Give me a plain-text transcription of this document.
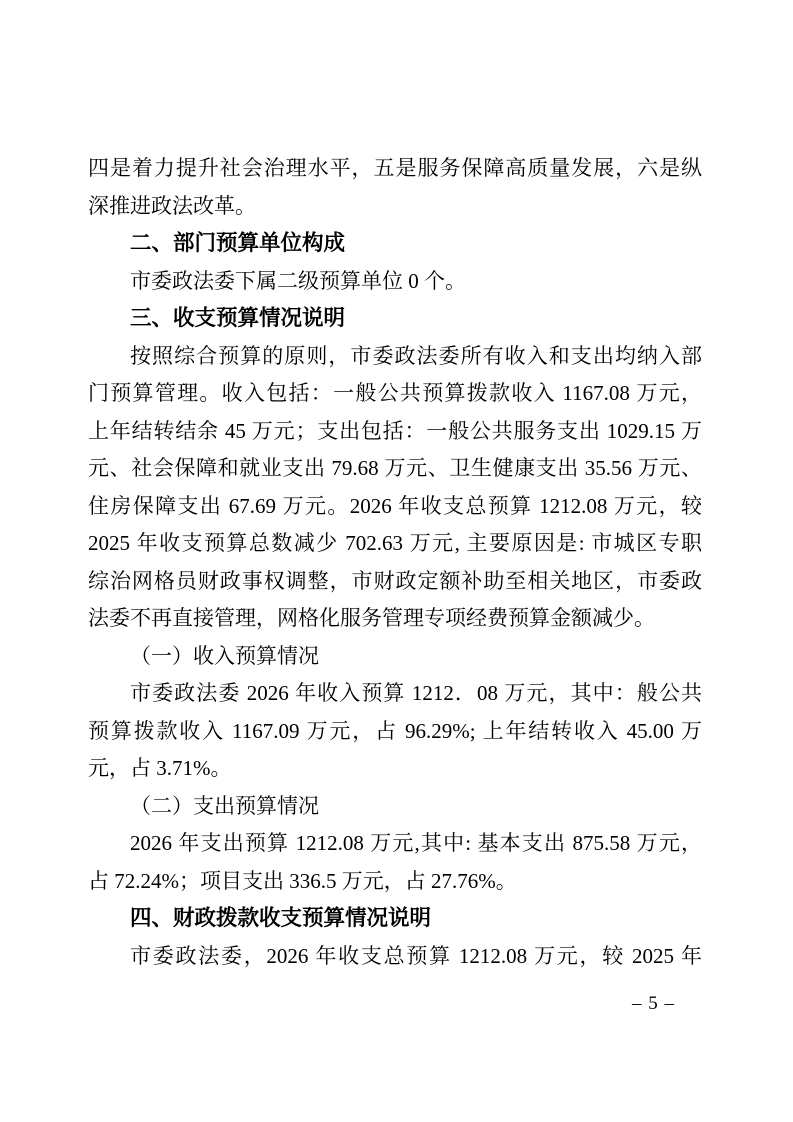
四是着力提升社会治理水平，五是服务保障高质量发展，六是纵
深推进政法改革。
二、部门预算单位构成
市委政法委下属二级预算单位 0 个。
三、收支预算情况说明
按照综合预算的原则，市委政法委所有收入和支出均纳入部
门预算管理。收入包括：一般公共预算拨款收入 1167.08 万元，
上年结转结余 45 万元；支出包括：一般公共服务支出 1029.15 万
元、社会保障和就业支出 79.68 万元、卫生健康支出 35.56 万元、
住房保障支出 67.69 万元。2026 年收支总预算 1212.08 万元，较
2025 年收支预算总数减少 702.63 万元, 主要原因是: 市城区专职
综治网格员财政事权调整，市财政定额补助至相关地区，市委政
法委不再直接管理，网格化服务管理专项经费预算金额减少。
（一）收入预算情况
市委政法委 2026 年收入预算 1212．08 万元，其中：般公共
预算拨款收入 1167.09 万元，占 96.29%; 上年结转收入 45.00 万
元，占 3.71%。
（二）支出预算情况
2026 年支出预算 1212.08 万元,其中: 基本支出 875.58 万元，
占 72.24%；项目支出 336.5 万元，占 27.76%。
四、财政拨款收支预算情况说明
市委政法委，2026 年收支总预算 1212.08 万元，较 2025 年
– 5 –
